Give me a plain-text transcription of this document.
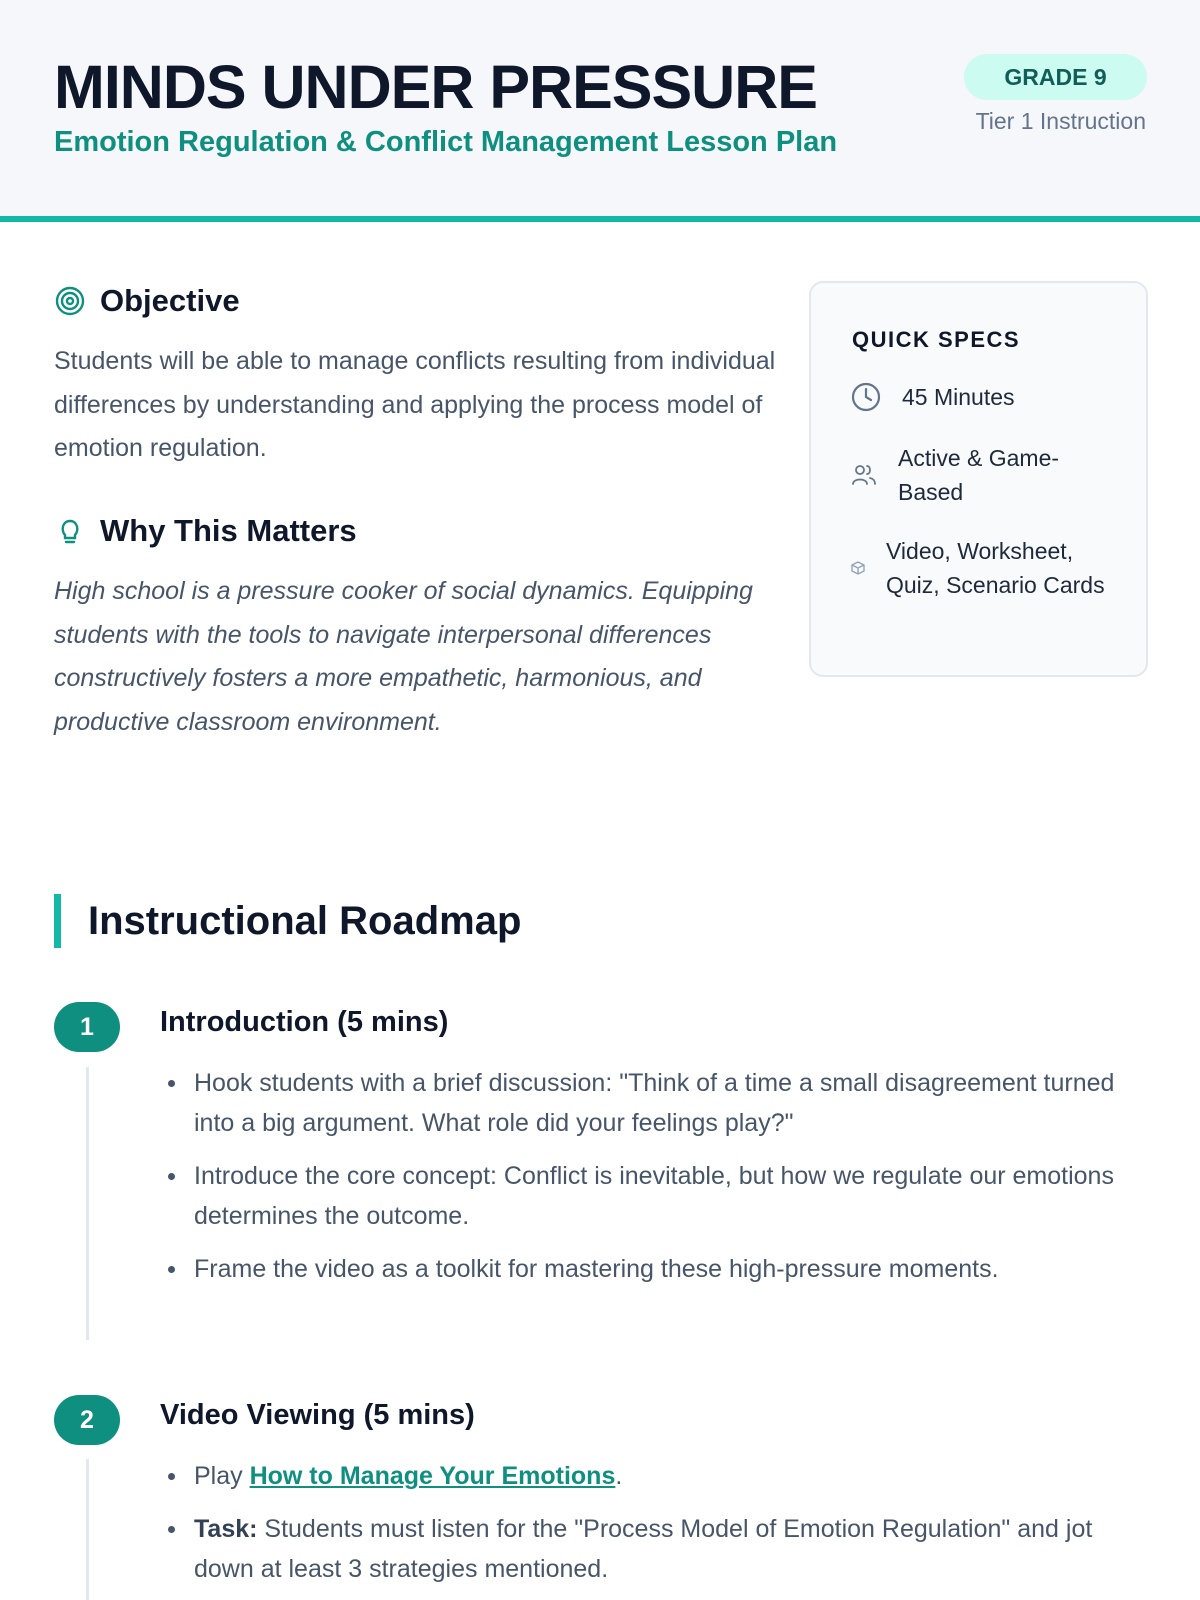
MINDS UNDER PRESSURE
Emotion Regulation & Conflict Management Lesson Plan
GRADE 9
Tier 1 Instruction
Objective

Students will be able to manage conflicts resulting from individual differences by understanding and applying the process model of emotion regulation.

Why This Matters

High school is a pressure cooker of social dynamics. Equipping students with the tools to navigate interpersonal differences constructively fosters a more empathetic, harmonious, and productive classroom environment.

QUICK SPECS
45 Minutes
Active & Game-Based
Video, Worksheet, Quiz, Scenario Cards
Instructional Roadmap
1	Introduction (5 mins)
Hook students with a brief discussion: "Think of a time a small disagreement turned into a big argument. What role did your feelings play?"
Introduce the core concept: Conflict is inevitable, but how we regulate our emotions determines the outcome.
Frame the video as a toolkit for mastering these high-pressure moments.
2	Video Viewing (5 mins)
Play How to Manage Your Emotions.
Task: Students must listen for the "Process Model of Emotion Regulation" and jot down at least 3 strategies mentioned.
